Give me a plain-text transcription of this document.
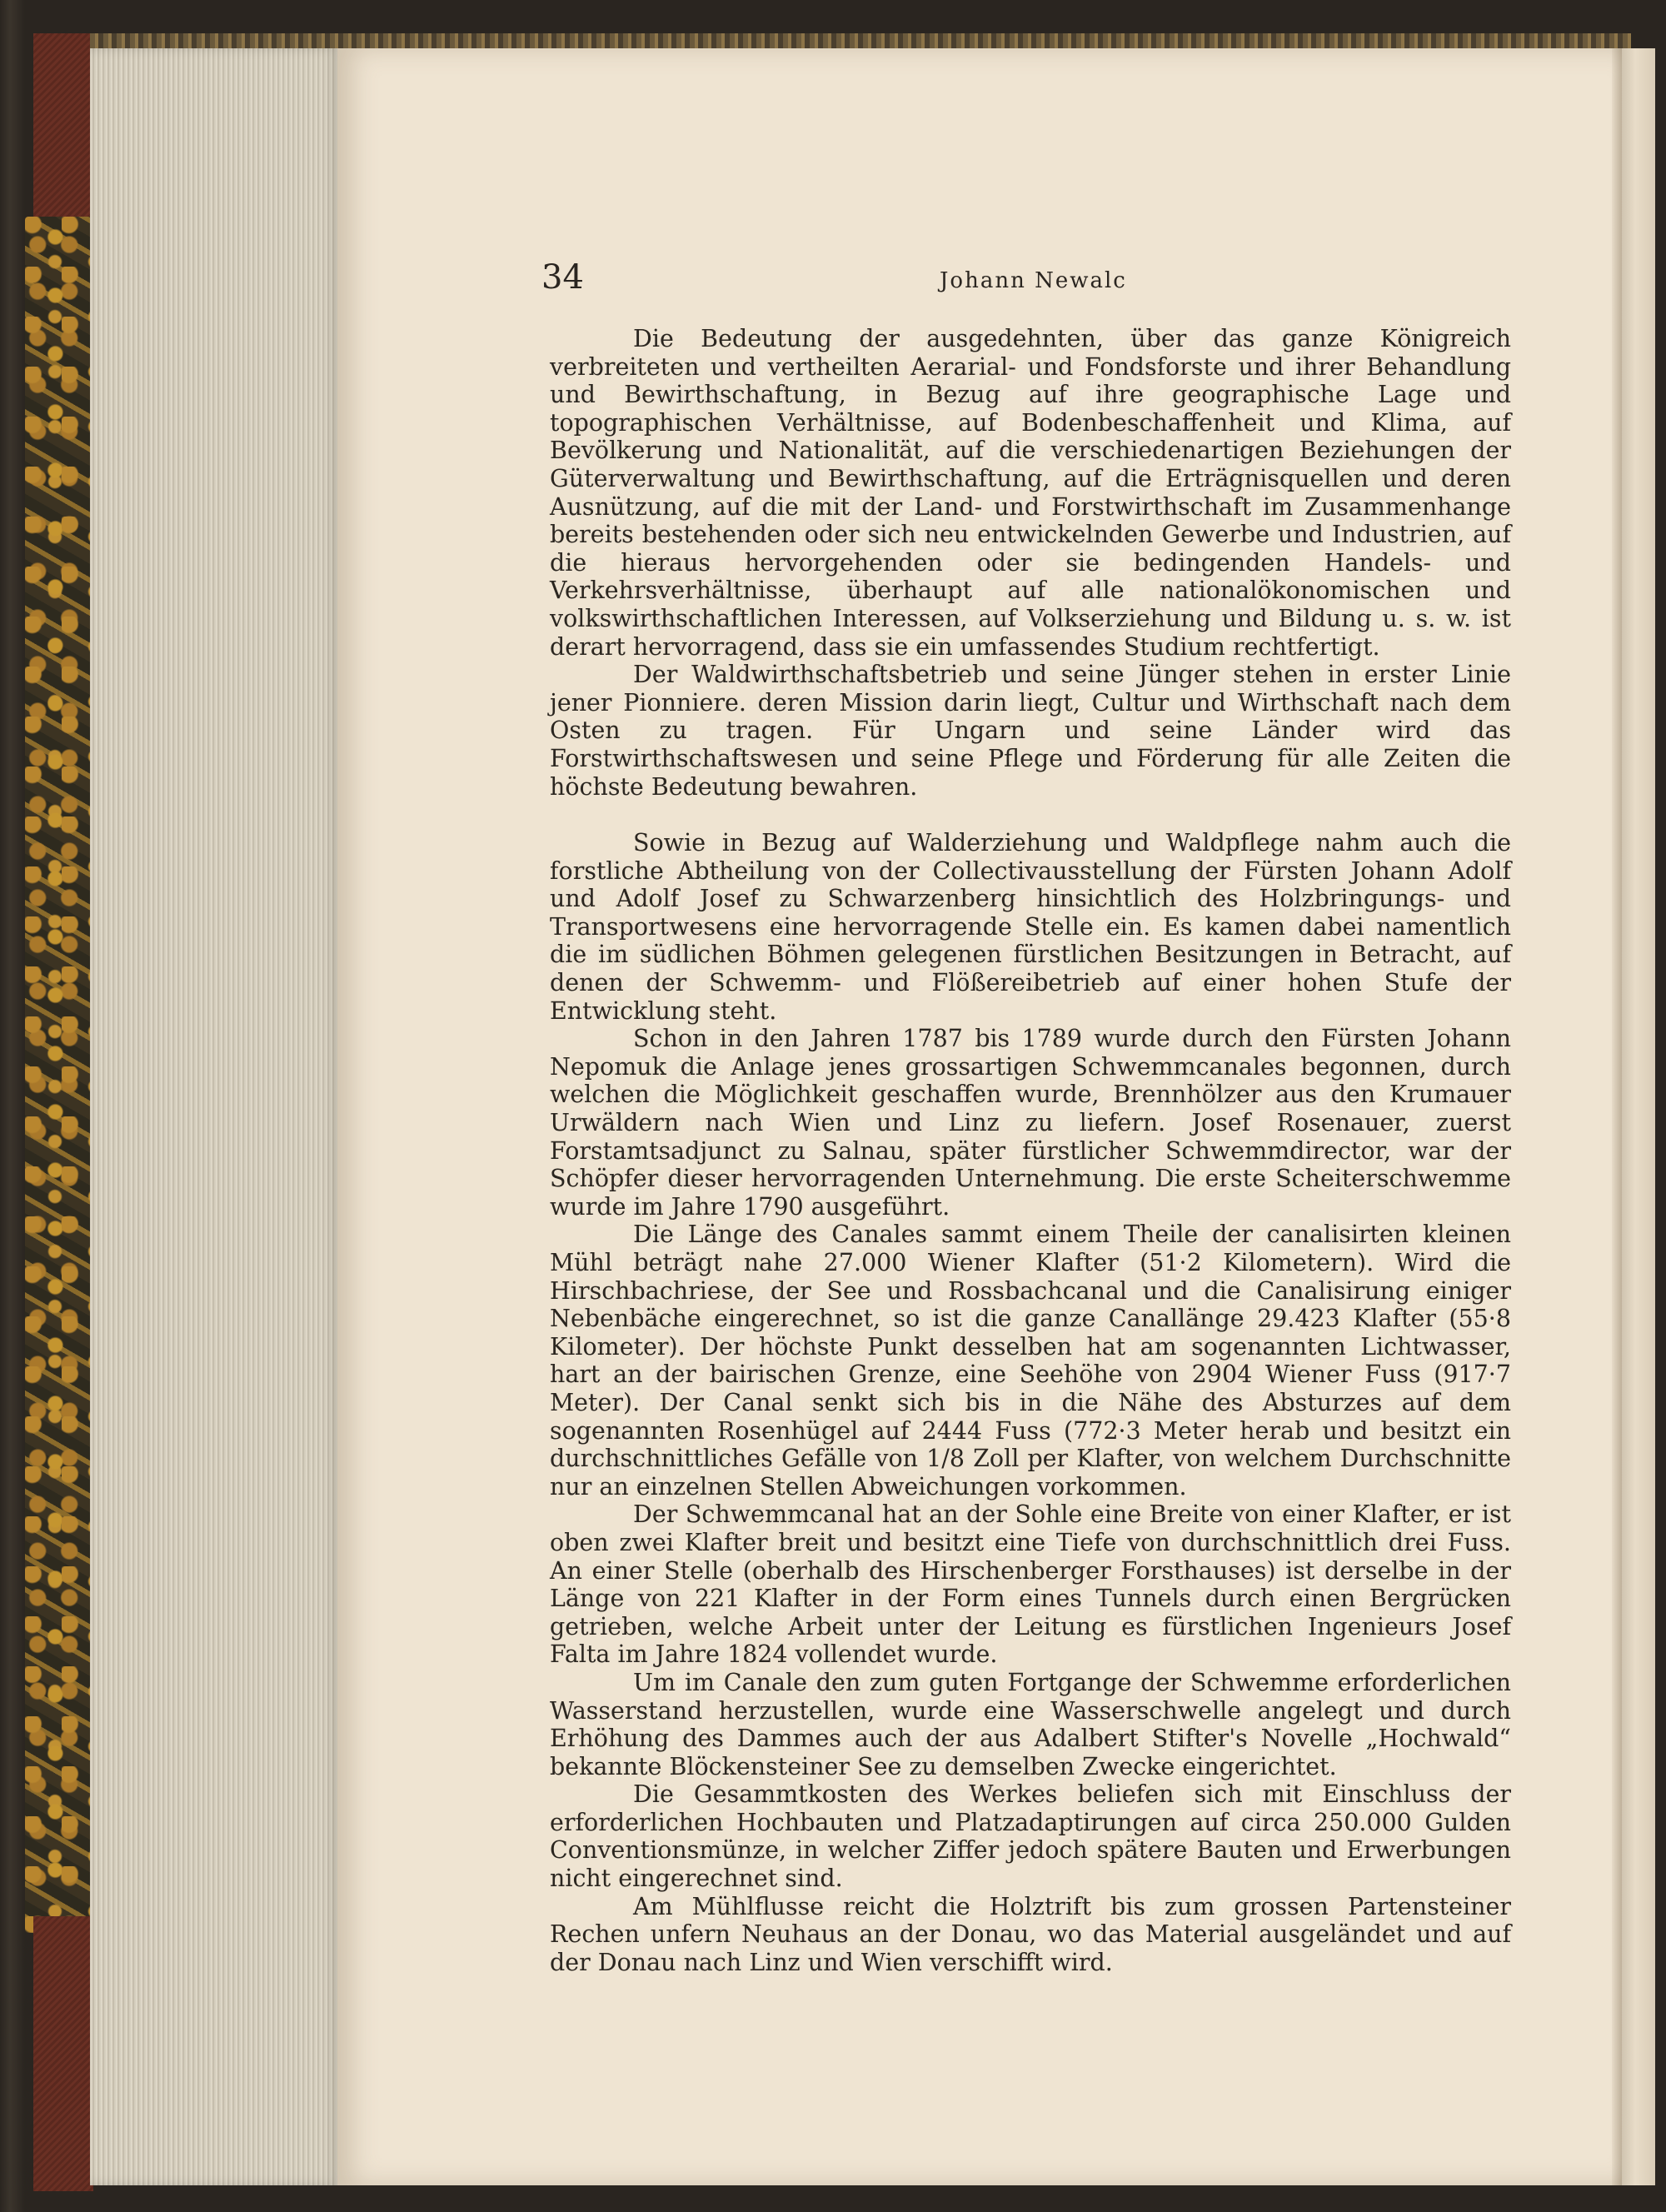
34	Johann Newalc

Die Bedeutung der ausgedehnten, über das ganze Königreich verbreiteten und vertheilten Aerarial- und Fondsforste und ihrer Behandlung und Bewirthschaftung, in Bezug auf ihre geographische Lage und topographischen Verhältnisse, auf Bodenbeschaffenheit und Klima, auf Bevölkerung und Nationalität, auf die verschiedenartigen Beziehungen der Güterverwaltung und Bewirthschaftung, auf die Erträgnisquellen und deren Ausnützung, auf die mit der Land- und Forstwirthschaft im Zusammenhange bereits bestehenden oder sich neu entwickelnden Gewerbe und Industrien, auf die hieraus hervorgehenden oder sie bedingenden Handels- und Verkehrsverhältnisse, überhaupt auf alle nationalökonomischen und volkswirthschaftlichen Interessen, auf Volkserziehung und Bildung u. s. w. ist derart hervorragend, dass sie ein umfassendes Studium rechtfertigt.

Der Waldwirthschaftsbetrieb und seine Jünger stehen in erster Linie jener Pionniere. deren Mission darin liegt, Cultur und Wirthschaft nach dem Osten zu tragen. Für Ungarn und seine Länder wird das Forstwirthschaftswesen und seine Pflege und Förderung für alle Zeiten die höchste Bedeutung bewahren.

Sowie in Bezug auf Walderziehung und Waldpflege nahm auch die forstliche Abtheilung von der Collectivausstellung der Fürsten Johann Adolf und Adolf Josef zu Schwarzenberg hinsichtlich des Holzbringungs- und Transportwesens eine hervorragende Stelle ein. Es kamen dabei namentlich die im südlichen Böhmen gelegenen fürstlichen Besitzungen in Betracht, auf denen der Schwemm- und Flößereibetrieb auf einer hohen Stufe der Entwicklung steht.

Schon in den Jahren 1787 bis 1789 wurde durch den Fürsten Johann Nepomuk die Anlage jenes grossartigen Schwemmcanales begonnen, durch welchen die Möglichkeit geschaffen wurde, Brennhölzer aus den Krumauer Urwäldern nach Wien und Linz zu liefern. Josef Rosenauer, zuerst Forstamtsadjunct zu Salnau, später fürstlicher Schwemmdirector, war der Schöpfer dieser hervorragenden Unternehmung. Die erste Scheiterschwemme wurde im Jahre 1790 ausgeführt.

Die Länge des Canales sammt einem Theile der canalisirten kleinen Mühl beträgt nahe 27.000 Wiener Klafter (51·2 Kilometern). Wird die Hirschbachriese, der See und Rossbachcanal und die Canalisirung einiger Nebenbäche eingerechnet, so ist die ganze Canallänge 29.423 Klafter (55·8 Kilometer). Der höchste Punkt desselben hat am sogenannten Lichtwasser, hart an der bairischen Grenze, eine Seehöhe von 2904 Wiener Fuss (917·7 Meter). Der Canal senkt sich bis in die Nähe des Absturzes auf dem sogenannten Rosenhügel auf 2444 Fuss (772·3 Meter herab und besitzt ein durchschnittliches Gefälle von 1/8 Zoll per Klafter, von welchem Durchschnitte nur an einzelnen Stellen Abweichungen vorkommen.

Der Schwemmcanal hat an der Sohle eine Breite von einer Klafter, er ist oben zwei Klafter breit und besitzt eine Tiefe von durchschnittlich drei Fuss. An einer Stelle (oberhalb des Hirschenberger Forsthauses) ist derselbe in der Länge von 221 Klafter in der Form eines Tunnels durch einen Bergrücken getrieben, welche Arbeit unter der Leitung es fürstlichen Ingenieurs Josef Falta im Jahre 1824 vollendet wurde.

Um im Canale den zum guten Fortgange der Schwemme erforderlichen Wasserstand herzustellen, wurde eine Wasserschwelle angelegt und durch Erhöhung des Dammes auch der aus Adalbert Stifter's Novelle „Hochwald“ bekannte Blöckensteiner See zu demselben Zwecke eingerichtet.

Die Gesammtkosten des Werkes beliefen sich mit Einschluss der erforderlichen Hochbauten und Platzadaptirungen auf circa 250.000 Gulden Conventionsmünze, in welcher Ziffer jedoch spätere Bauten und Erwerbungen nicht eingerechnet sind.

Am Mühlflusse reicht die Holztrift bis zum grossen Partensteiner Rechen unfern Neuhaus an der Donau, wo das Material ausgeländet und auf der Donau nach Linz und Wien verschifft wird.
